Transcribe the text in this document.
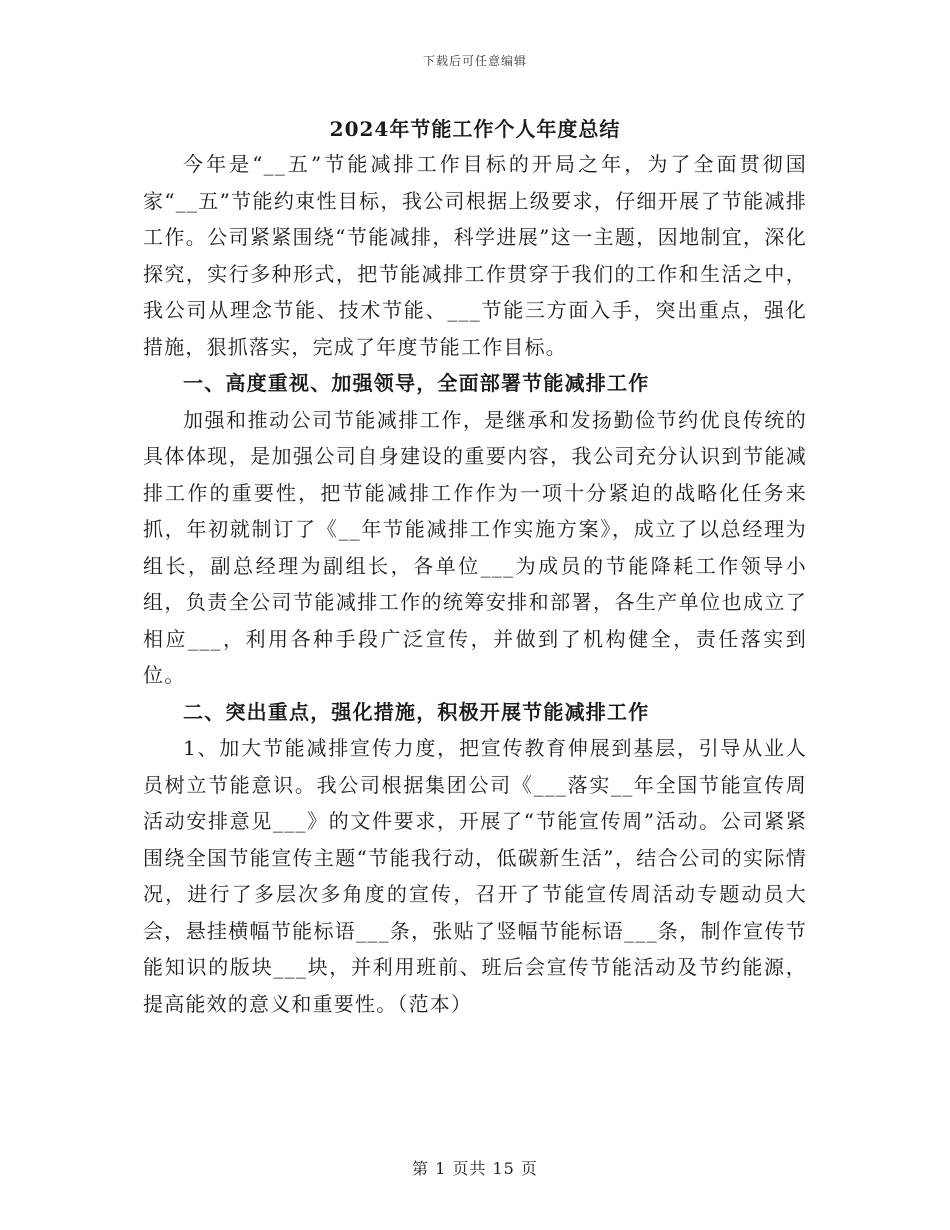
下载后可任意编辑
2024年节能工作个人年度总结

今年是“__五”节能减排工作目标的开局之年，为了全面贯彻国家“__五”节能约束性目标，我公司根据上级要求，仔细开展了节能减排工作。公司紧紧围绕“节能减排，科学进展”这一主题，因地制宜，深化探究，实行多种形式，把节能减排工作贯穿于我们的工作和生活之中，我公司从理念节能、技术节能、___节能三方面入手，突出重点，强化措施，狠抓落实，完成了年度节能工作目标。

一、高度重视、加强领导，全面部署节能减排工作

加强和推动公司节能减排工作，是继承和发扬勤俭节约优良传统的具体体现，是加强公司自身建设的重要内容，我公司充分认识到节能减排工作的重要性，把节能减排工作作为一项十分紧迫的战略化任务来抓，年初就制订了《__年节能减排工作实施方案》，成立了以总经理为组长，副总经理为副组长，各单位___为成员的节能降耗工作领导小组，负责全公司节能减排工作的统筹安排和部署，各生产单位也成立了相应___，利用各种手段广泛宣传，并做到了机构健全，责任落实到位。

二、突出重点，强化措施，积极开展节能减排工作

1、加大节能减排宣传力度，把宣传教育伸展到基层，引导从业人员树立节能意识。我公司根据集团公司《___落实__年全国节能宣传周活动安排意见___》的文件要求，开展了“节能宣传周”活动。公司紧紧围绕全国节能宣传主题“节能我行动，低碳新生活”，结合公司的实际情况，进行了多层次多角度的宣传，召开了节能宣传周活动专题动员大会，悬挂横幅节能标语___条，张贴了竖幅节能标语___条，制作宣传节能知识的版块___块，并利用班前、班后会宣传节能活动及节约能源，提高能效的意义和重要性。（范本）

第 1 页共 15 页
